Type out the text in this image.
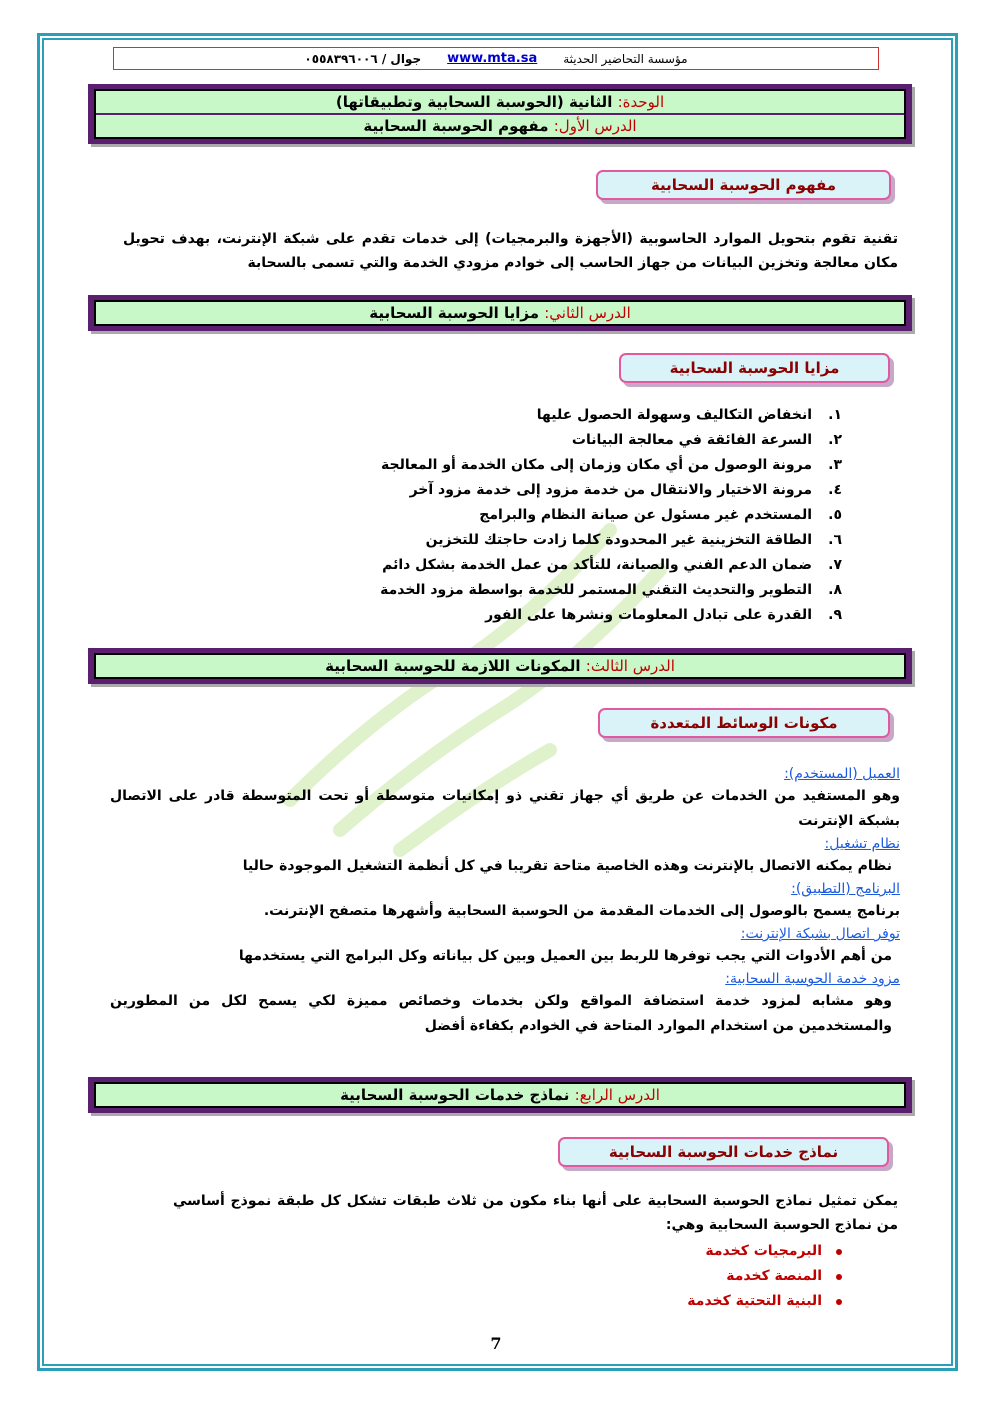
مؤسسة التحاضير الحديثة
www.mta.sa
جوال / ٠٥٥٨٣٩٦٠٠٦
الوحدة: الثانية (الحوسبة السحابية وتطبيقاتها)
الدرس الأول: مفهوم الحوسبة السحابية
مفهوم الحوسبة السحابية

تقنية تقوم بتحويل الموارد الحاسوبية (الأجهزة والبرمجيات) إلى خدمات تقدم على شبكة الإنترنت، بهدف تحويل مكان معالجة وتخزين البيانات من جهاز الحاسب إلى خوادم مزودي الخدمة والتي تسمى بالسحابة

الدرس الثاني: مزايا الحوسبة السحابية
مزايا الحوسبة السحابية
١.
انخفاض التكاليف وسهولة الحصول عليها
٢.
السرعة الفائقة في معالجة البيانات
٣.
مرونة الوصول من أي مكان وزمان إلى مكان الخدمة أو المعالجة
٤.
مرونة الاختيار والانتقال من خدمة مزود إلى خدمة مزود آخر
٥.
المستخدم غير مسئول عن صيانة النظام والبرامج
٦.
الطاقة التخزينية غير المحدودة كلما زادت حاجتك للتخزين
٧.
ضمان الدعم الفني والصيانة، للتأكد من عمل الخدمة بشكل دائم
٨.
التطوير والتحديث التقني المستمر للخدمة بواسطة مزود الخدمة
٩.
القدرة على تبادل المعلومات ونشرها على الفور
الدرس الثالث: المكونات اللازمة للحوسبة السحابية
مكونات الوسائط المتعددة
العميل (المستخدم):
وهو المستفيد من الخدمات عن طريق أي جهاز تقني ذو إمكانيات متوسطة أو تحت المتوسطة قادر على الاتصال بشبكة الإنترنت
نظام تشغيل:
نظام يمكنه الاتصال بالإنترنت وهذه الخاصية متاحة تقريبا في كل أنظمة التشغيل الموجودة حاليا
البرنامج (التطبيق):
برنامج يسمح بالوصول إلى الخدمات المقدمة من الحوسبة السحابية وأشهرها متصفح الإنترنت.
توفر اتصال بشبكة الإنترنت:
من أهم الأدوات التي يجب توفرها للربط بين العميل وبين كل بياناته وكل البرامج التي يستخدمها
مزود خدمة الحوسبة السحابية:
وهو مشابه لمزود خدمة استضافة المواقع ولكن بخدمات وخصائص مميزة لكي يسمح لكل من المطورين والمستخدمين من استخدام الموارد المتاحة في الخوادم بكفاءة أفضل
الدرس الرابع: نماذج خدمات الحوسبة السحابية
نماذج خدمات الحوسبة السحابية

يمكن تمثيل نماذج الحوسبة السحابية على أنها بناء مكون من ثلاث طبقات تشكل كل طبقة نموذج أساسي من نماذج الحوسبة السحابية وهي:

البرمجيات كخدمة
المنصة كخدمة
البنية التحتية كخدمة
7
